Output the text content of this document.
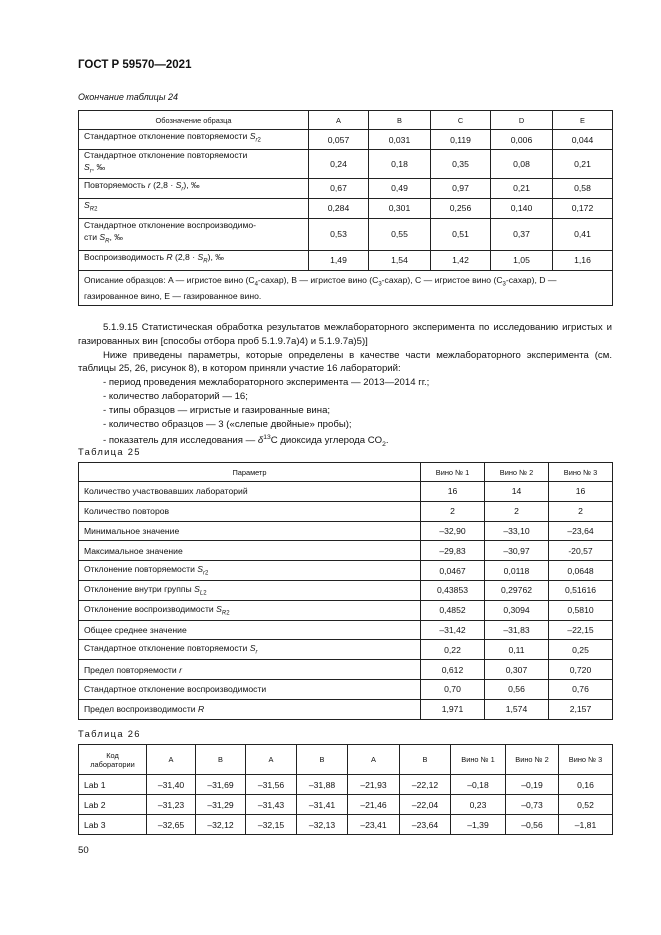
ГОСТ Р 59570—2021
Окончание таблицы 24
Обозначение образца	A	B	C	D	E
Стандартное отклонение повторяемости $S_{r2}$	0,057	0,031	0,119	0,006	0,044
Стандартное отклонение повторяемости
$S_r$, ‰	0,24	0,18	0,35	0,08	0,21
Повторяемость r $(2,8 \cdot S_r)$, ‰	0,67	0,49	0,97	0,21	0,58
$S_{R2}$	0,284	0,301	0,256	0,140	0,172
Стандартное отклонение воспроизводимо-
сти $S_R$, ‰	0,53	0,55	0,51	0,37	0,41
Воспроизводимость R $(2,8 \cdot S_R)$, ‰	1,49	1,54	1,42	1,05	1,16
Описание образцов: A — игристое вино $(C_4-сахар)$, B — игристое вино $(C_3-сахар)$, C — игристое вино $(C_3-сахар)$, D — газированное вино, E — газированное вино.					

5.1.9.15 Статистическая обработка результатов межлабораторного эксперимента по исследованию игристых и газированных вин [способы отбора проб 5.1.9.7а)4) и 5.1.9.7а)5)]

Ниже приведены параметры, которые определены в качестве части межлабораторного эксперимента (см. таблицы 25, 26, рисунок 8), в котором приняли участие 16 лабораторий:

- период проведения межлабораторного эксперимента — 2013—2014 гг.;

- количество лабораторий — 16;

- типы образцов — игристые и газированные вина;

- количество образцов — 3 («слепые двойные» пробы);

- показатель для исследования — $\delta^{13}С$ диоксида углерода $CO_2$.

Таблица 25
Параметр	Вино № 1	Вино № 2	Вино № 3
Количество участвовавших лабораторий	16	14	16
Количество повторов	2	2	2
Минимальное значение	–32,90	–33,10	–23,64
Максимальное значение	–29,83	–30,97	-20,57
Отклонение повторяемости $S_{r2}$	0,0467	0,0118	0,0648
Отклонение внутри группы $S_{L2}$	0,43853	0,29762	0,51616
Отклонение воспроизводимости $S_{R2}$	0,4852	0,3094	0,5810
Общее среднее значение	–31,42	–31,83	–22,15
Стандартное отклонение повторяемости $S_r$	0,22	0,11	0,25
Предел повторяемости r	0,612	0,307	0,720
Стандартное отклонение воспроизводимости	0,70	0,56	0,76
Предел воспроизводимости R	1,971	1,574	2,157
Таблица 26
Код
лаборатории	A	B	A	B	A	B	Вино № 1	Вино № 2	Вино № 3
Lab 1	–31,40	–31,69	–31,56	–31,88	–21,93	–22,12	–0,18	–0,19	0,16
Lab 2	–31,23	–31,29	–31,43	–31,41	–21,46	–22,04	0,23	–0,73	0,52
Lab 3	–32,65	–32,12	–32,15	–32,13	–23,41	–23,64	–1,39	–0,56	–1,81
50
